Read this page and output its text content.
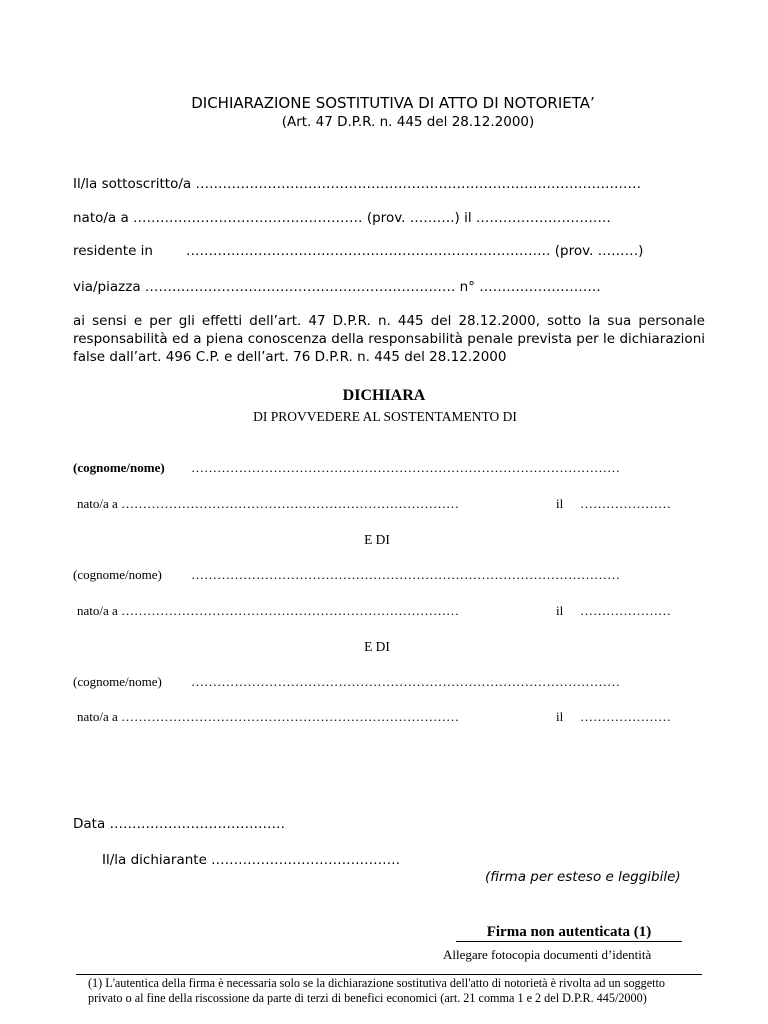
DICHIARAZIONE SOSTITUTIVA DI ATTO DI NOTORIETA’
(Art. 47 D.P.R. n. 445 del 28.12.2000)
Il/la sottoscritto/a ………………………………………………………………………………………
nato/a a …………………………………………… (prov. ……….) il …………………………
residente in ……………………………………………………………………… (prov. ………)
via/piazza …………………………………………………………… n° ………………………
ai sensi e per gli effetti dell’art. 47 D.P.R. n. 445 del 28.12.2000, sotto la sua personale responsabilità ed a piena conoscenza della responsabilità penale prevista per le dichiarazioni false dall’art. 496 C.P. e dell’art. 76 D.P.R. n. 445 del 28.12.2000
DICHIARA
DI PROVVEDERE AL SOSTENTAMENTO DI
(cognome/nome) ………………………………………………………………………………………
nato/a a ……………………………………………………………………	il …………………
E DI
(cognome/nome) ………………………………………………………………………………………
nato/a a ……………………………………………………………………	il …………………
E DI
(cognome/nome) ………………………………………………………………………………………
nato/a a ……………………………………………………………………	il …………………
Data …………………………………
Il/la dichiarante ……………………………………
(firma per esteso e leggibile)
Firma non autenticata (1)
Allegare fotocopia documenti d’identità
(1) L'autentica della firma è necessaria solo se la dichiarazione sostitutiva dell'atto di notorietà è rivolta ad un soggetto privato o al fine della riscossione da parte di terzi di benefici economici (art. 21 comma 1 e 2 del D.P.R. 445/2000)
